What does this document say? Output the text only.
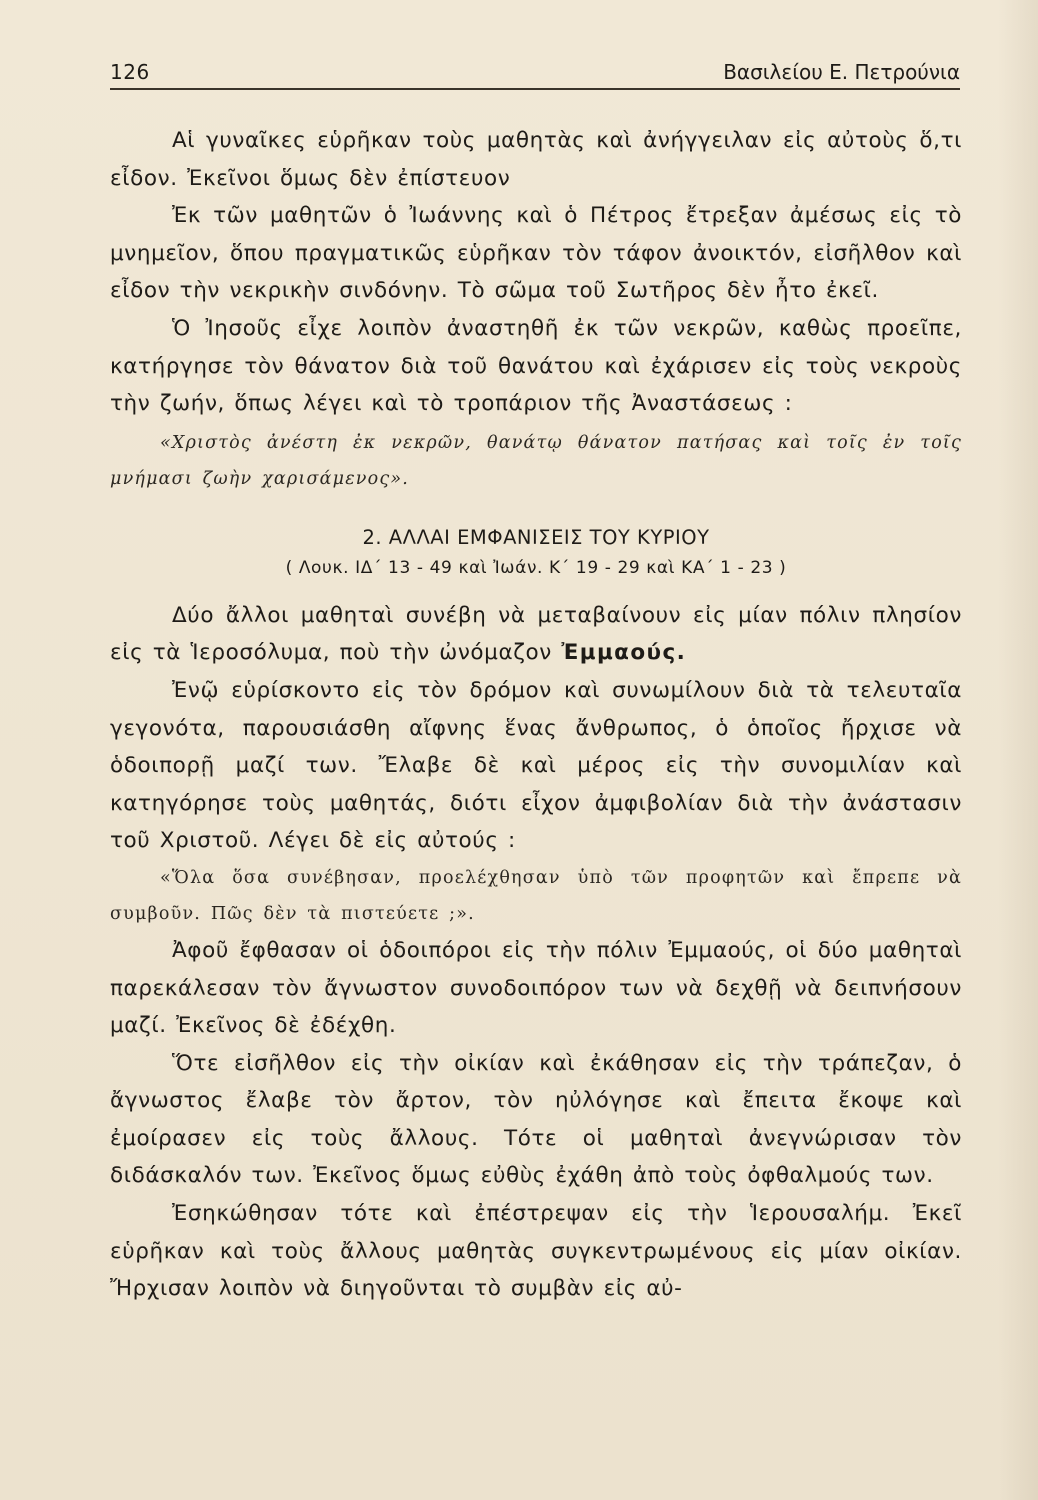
126	Βασιλείου Ε. Πετρούνια

Αἱ γυναῖκες εὑρῆκαν τοὺς μαθητὰς καὶ ἀνήγγειλαν εἰς αὐτοὺς ὅ,τι εἶδον. Ἐκεῖνοι ὅμως δὲν ἐπίστευον

Ἐκ τῶν μαθητῶν ὁ Ἰωάννης καὶ ὁ Πέτρος ἔτρεξαν ἀμέσως εἰς τὸ μνημεῖον, ὅπου πραγματικῶς εὑρῆκαν τὸν τάφον ἀνοικτόν, εἰσῆλθον καὶ εἶδον τὴν νεκρικὴν σινδόνην. Τὸ σῶμα τοῦ Σωτῆρος δὲν ἦτο ἐκεῖ.

Ὁ Ἰησοῦς εἶχε λοιπὸν ἀναστηθῆ ἐκ τῶν νεκρῶν, καθὼς προεῖπε, κατήργησε τὸν θάνατον διὰ τοῦ θανάτου καὶ ἐχάρισεν εἰς τοὺς νεκροὺς τὴν ζωήν, ὅπως λέγει καὶ τὸ τροπάριον τῆς Ἀναστάσεως :

«Χριστὸς ἀνέστη ἐκ νεκρῶν, θανάτῳ θάνατον πατήσας καὶ τοῖς ἐν τοῖς μνήμασι ζωὴν χαρισάμενος».

2. ΑΛΛΑΙ ΕΜΦΑΝΙΣΕΙΣ ΤΟΥ ΚΥΡΙΟΥ

( Λουκ. ΙΔ΄ 13 - 49 καὶ Ἰωάν. Κ΄ 19 - 29 καὶ ΚΑ΄ 1 - 23 )

Δύο ἄλλοι μαθηταὶ συνέβη νὰ μεταβαίνουν εἰς μίαν πόλιν πλησίον εἰς τὰ Ἱεροσόλυμα, ποὺ τὴν ὠνόμαζον Ἐμμαούς.

Ἐνῷ εὑρίσκοντο εἰς τὸν δρόμον καὶ συνωμίλουν διὰ τὰ τελευταῖα γεγονότα, παρουσιάσθη αἴφνης ἕνας ἄνθρωπος, ὁ ὁποῖος ἤρχισε νὰ ὁδοιπορῇ μαζί των. Ἔλαβε δὲ καὶ μέρος εἰς τὴν συνομιλίαν καὶ κατηγόρησε τοὺς μαθητάς, διότι εἶχον ἀμφιβολίαν διὰ τὴν ἀνάστασιν τοῦ Χριστοῦ. Λέγει δὲ εἰς αὐτούς :

«Ὅλα ὅσα συνέβησαν, προελέχθησαν ὑπὸ τῶν προφητῶν καὶ ἔπρεπε νὰ συμβοῦν. Πῶς δὲν τὰ πιστεύετε ;».

Ἀφοῦ ἔφθασαν οἱ ὁδοιπόροι εἰς τὴν πόλιν Ἐμμαούς, οἱ δύο μαθηταὶ παρεκάλεσαν τὸν ἄγνωστον συνοδοιπόρον των νὰ δεχθῇ νὰ δειπνήσουν μαζί. Ἐκεῖνος δὲ ἐδέχθη.

Ὅτε εἰσῆλθον εἰς τὴν οἰκίαν καὶ ἐκάθησαν εἰς τὴν τράπεζαν, ὁ ἄγνωστος ἔλαβε τὸν ἄρτον, τὸν ηὐλόγησε καὶ ἔπειτα ἔκοψε καὶ ἐμοίρασεν εἰς τοὺς ἄλλους. Τότε οἱ μαθηταὶ ἀνεγνώρισαν τὸν διδάσκαλόν των. Ἐκεῖνος ὅμως εὐθὺς ἐχάθη ἀπὸ τοὺς ὀφθαλμούς των.

Ἐσηκώθησαν τότε καὶ ἐπέστρεψαν εἰς τὴν Ἱερουσαλήμ. Ἐκεῖ εὑρῆκαν καὶ τοὺς ἄλλους μαθητὰς συγκεντρωμένους εἰς μίαν οἰκίαν. Ἤρχισαν λοιπὸν νὰ διηγοῦνται τὸ συμβὰν εἰς αὐ-
